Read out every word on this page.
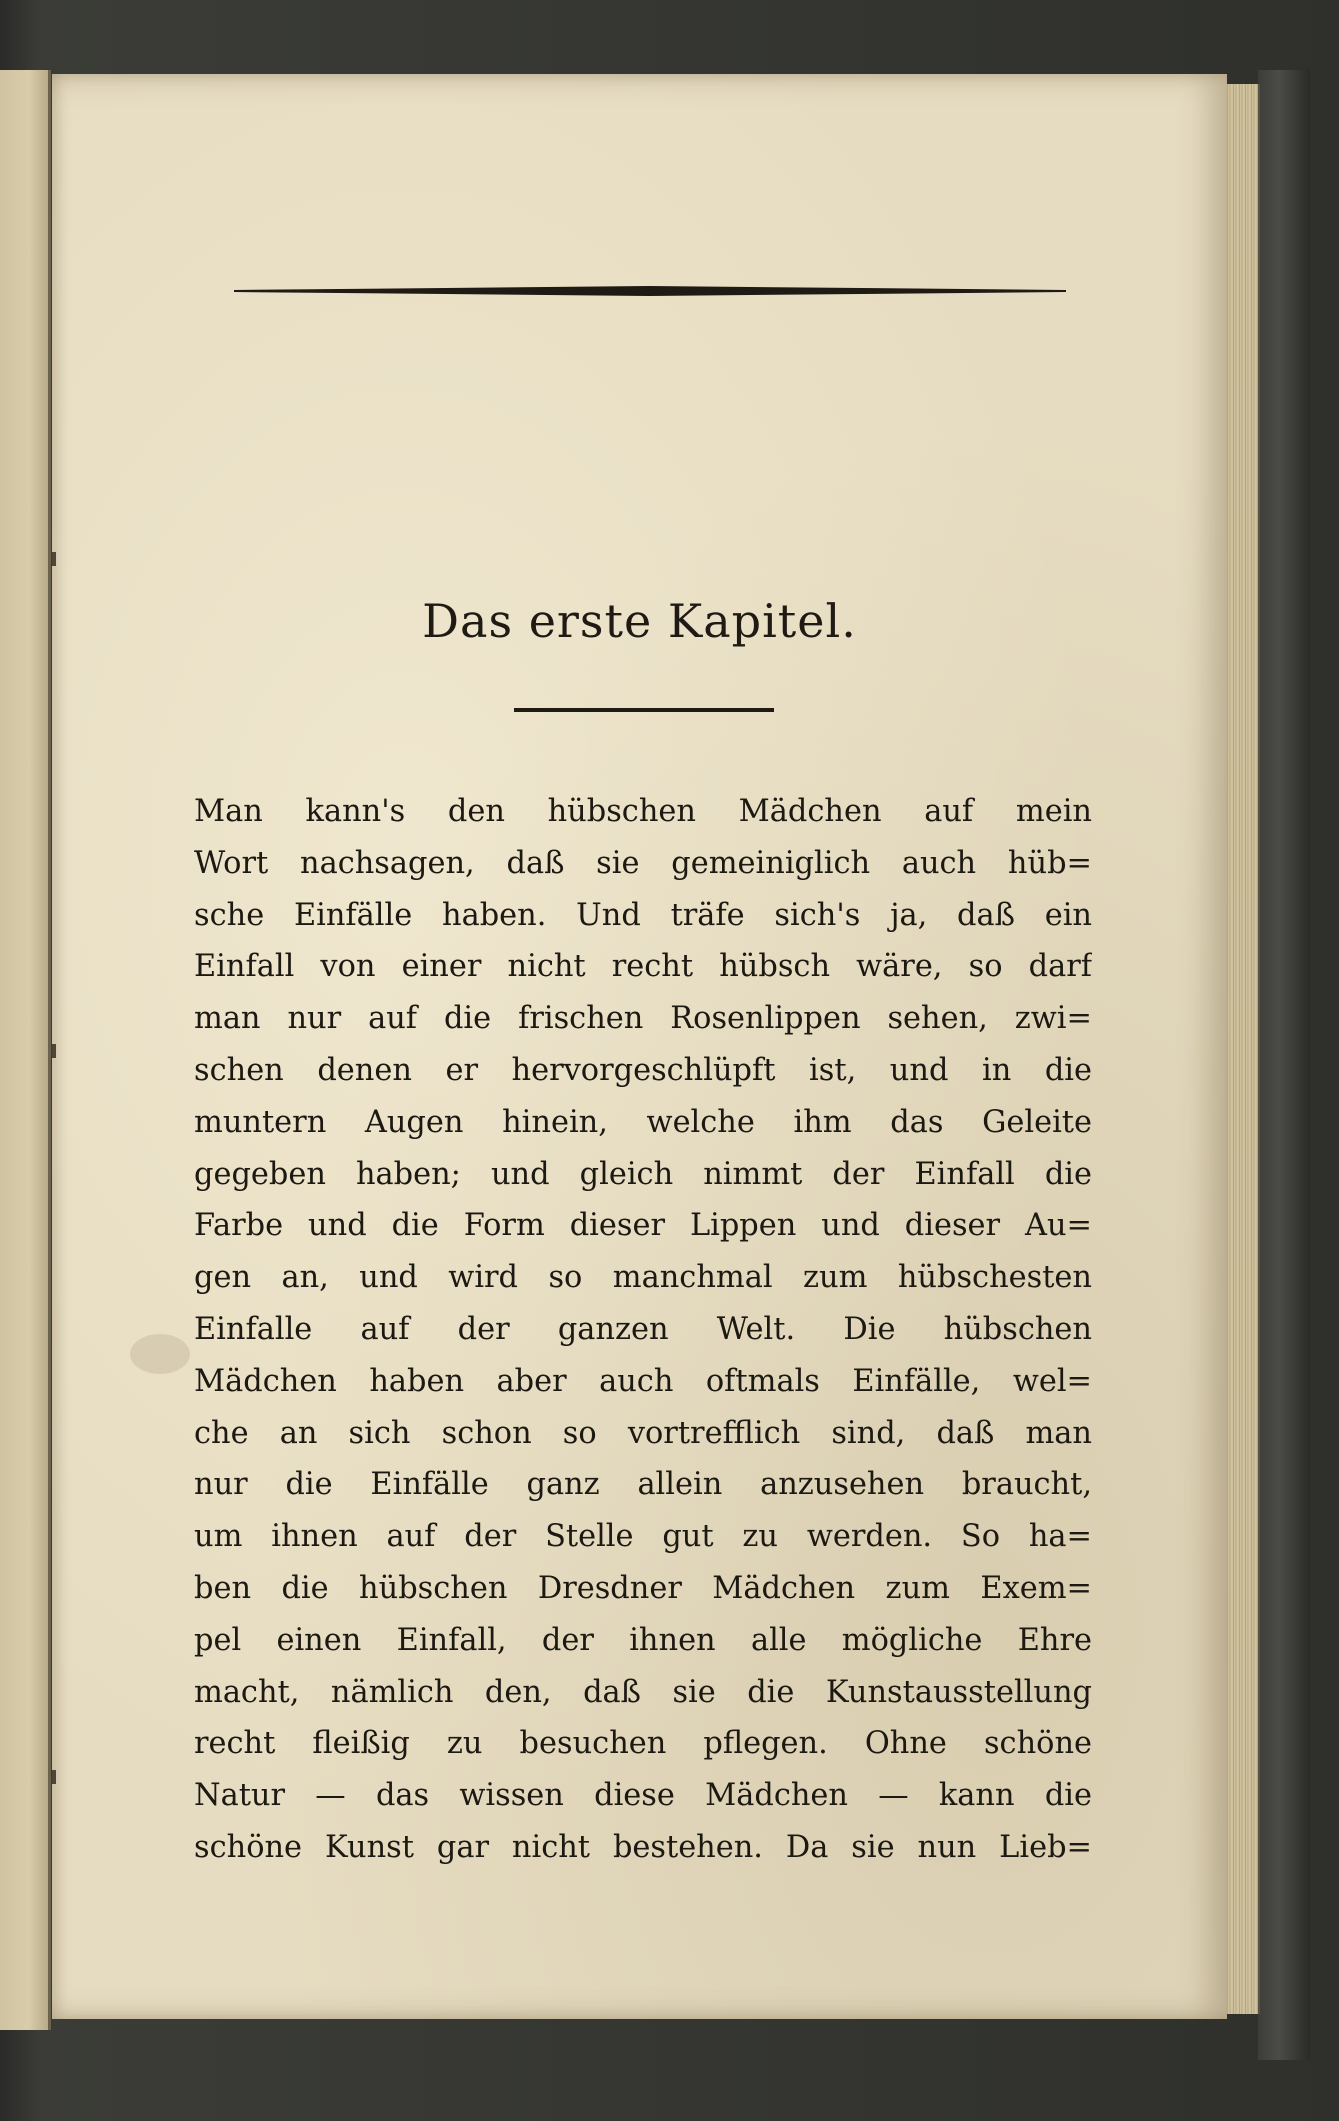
Das erste Kapitel.
Man kann's den hübschen Mädchen auf mein
Wort nachsagen, daß sie gemeiniglich auch hüb=
sche Einfälle haben. Und träfe sich's ja, daß ein
Einfall von einer nicht recht hübsch wäre, so darf
man nur auf die frischen Rosenlippen sehen, zwi=
schen denen er hervorgeschlüpft ist, und in die
muntern Augen hinein, welche ihm das Geleite
gegeben haben; und gleich nimmt der Einfall die
Farbe und die Form dieser Lippen und dieser Au=
gen an, und wird so manchmal zum hübschesten
Einfalle auf der ganzen Welt. Die hübschen
Mädchen haben aber auch oftmals Einfälle, wel=
che an sich schon so vortrefflich sind, daß man
nur die Einfälle ganz allein anzusehen braucht,
um ihnen auf der Stelle gut zu werden. So ha=
ben die hübschen Dresdner Mädchen zum Exem=
pel einen Einfall, der ihnen alle mögliche Ehre
macht, nämlich den, daß sie die Kunstausstellung
recht fleißig zu besuchen pflegen. Ohne schöne
Natur — das wissen diese Mädchen — kann die
schöne Kunst gar nicht bestehen. Da sie nun Lieb=
